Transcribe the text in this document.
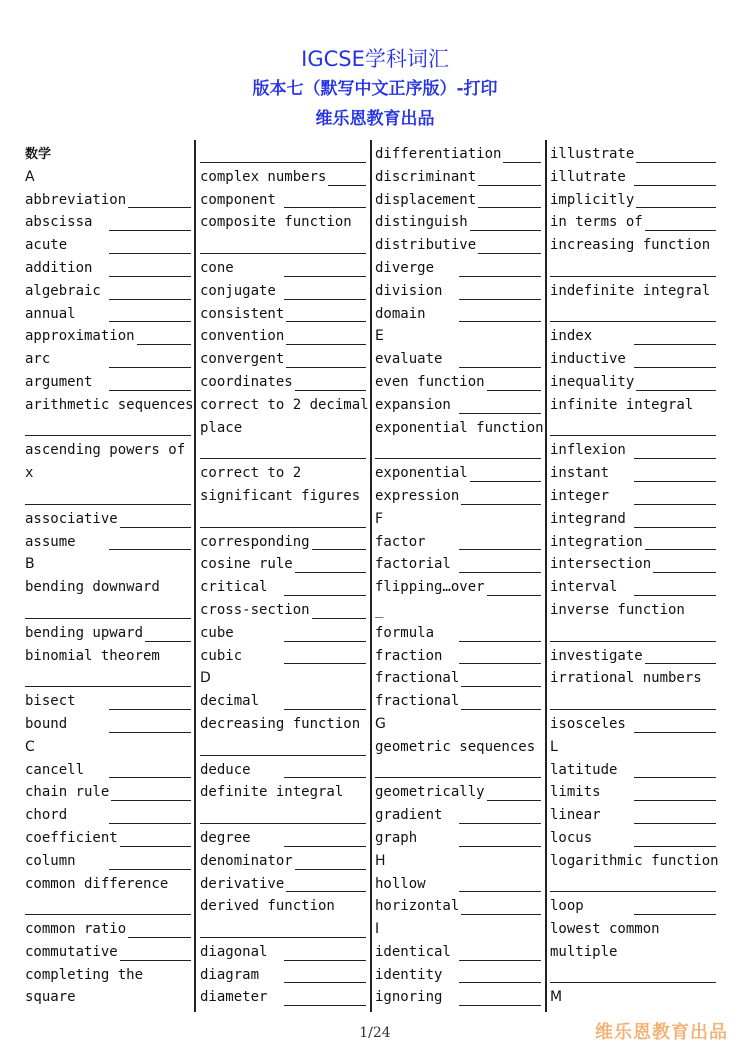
IGCSE学科词汇
版本七（默写中文正序版）-打印
维乐恩教育出品
数学
A
abbreviation
abscissa
acute
addition
algebraic
annual
approximation
arc
argument
arithmetic sequences
ascending powers of
x
associative
assume
B
bending downward
bending upward
binomial theorem
bisect
bound
C
cancell
chain rule
chord
coefficient
column
common difference
common ratio
commutative
completing the
square
complex numbers
component
composite function
cone
conjugate
consistent
convention
convergent
coordinates
correct to 2 decimal
place
correct to 2
significant figures
corresponding
cosine rule
critical
cross-section
cube
cubic
D
decimal
decreasing function
deduce
definite integral
degree
denominator
derivative
derived function
diagonal
diagram
diameter
differentiation
discriminant
displacement
distinguish
distributive
diverge
division
domain
E
evaluate
even function
expansion
exponential function
exponential
expression
F
factor
factorial
flipping…over
_
formula
fraction
fractional
fractional
G
geometric sequences
geometrically
gradient
graph
H
hollow
horizontal
I
identical
identity
ignoring
illustrate
illutrate
implicitly
in terms of
increasing function
indefinite integral
index
inductive
inequality
infinite integral
inflexion
instant
integer
integrand
integration
intersection
interval
inverse function
investigate
irrational numbers
isosceles
L
latitude
limits
linear
locus
logarithmic function
loop
lowest common
multiple
M
1/24	维乐恩教育出品
